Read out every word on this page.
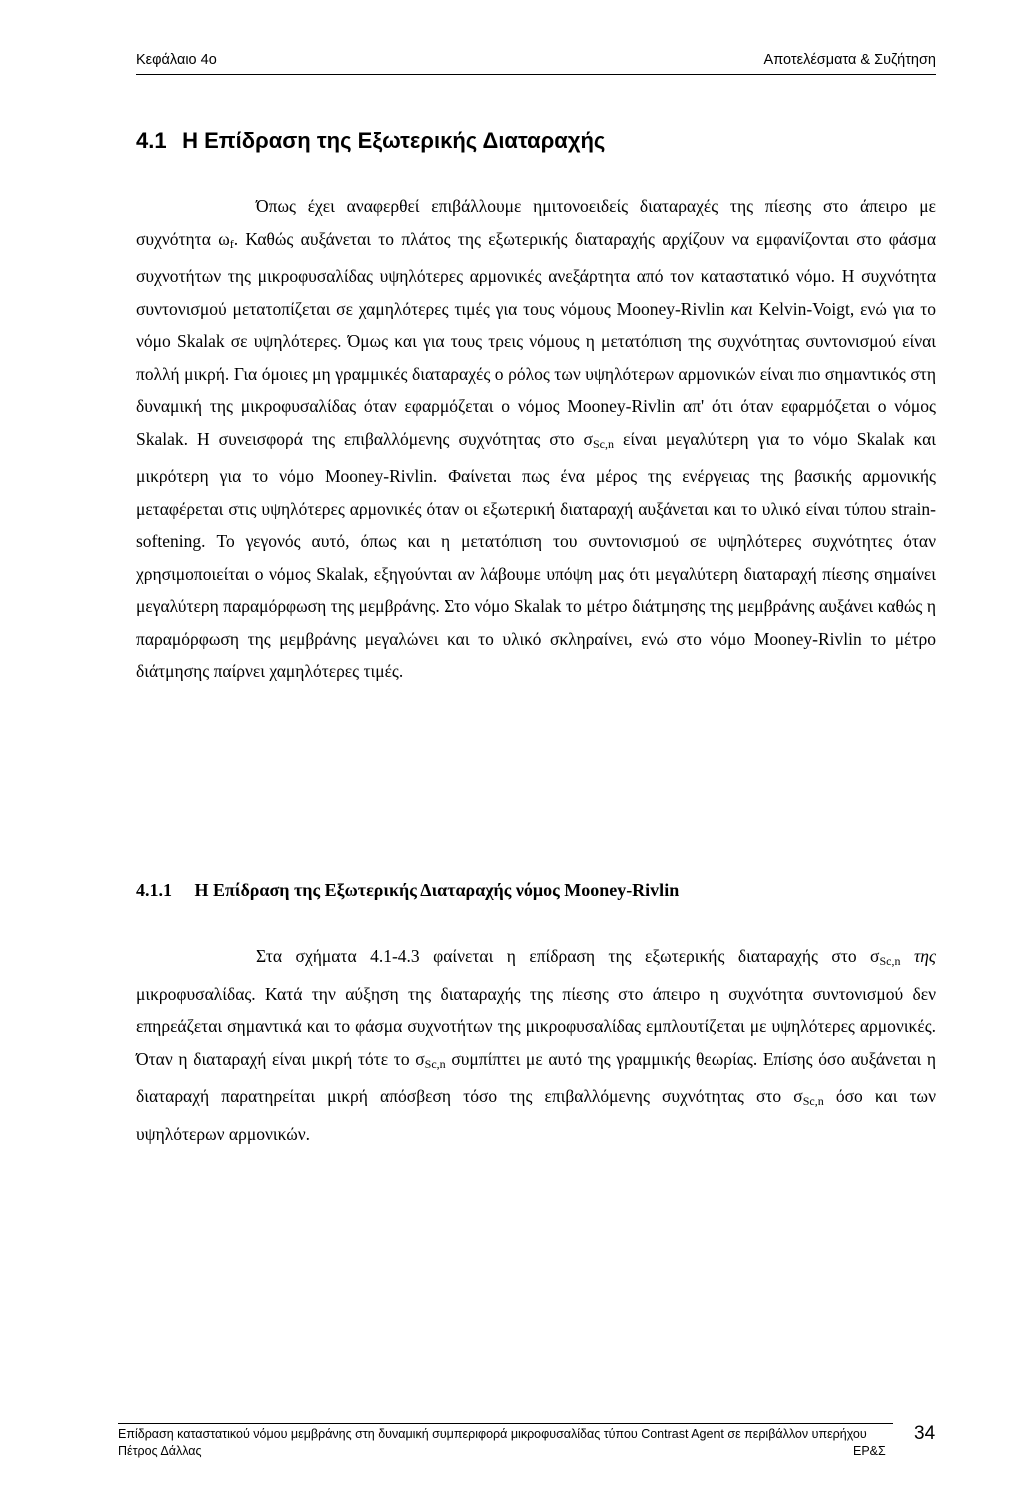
Κεφάλαιο 4ο	Αποτελέσματα & Συζήτηση
4.1 Η Επίδραση της Εξωτερικής Διαταραχής

Όπως έχει αναφερθεί επιβάλλουμε ημιτονοειδείς διαταραχές της πίεσης στο άπειρο με συχνότητα $\omega_f$. Καθώς αυξάνεται το πλάτος της εξωτερικής διαταραχής αρχίζουν να εμφανίζονται στο φάσμα συχνοτήτων της μικροφυσαλίδας υψηλότερες αρμονικές ανεξάρτητα από τον καταστατικό νόμο. Η συχνότητα συντονισμού μετατοπίζεται σε χαμηλότερες τιμές για τους νόμους Mooney-Rivlin και Kelvin-Voigt, ενώ για το νόμο Skalak σε υψηλότερες. Όμως και για τους τρεις νόμους η μετατόπιση της συχνότητας συντονισμού είναι πολλή μικρή. Για όμοιες μη γραμμικές διαταραχές ο ρόλος των υψηλότερων αρμονικών είναι πιο σημαντικός στη δυναμική της μικροφυσαλίδας όταν εφαρμόζεται ο νόμος Mooney-Rivlin απ' ότι όταν εφαρμόζεται ο νόμος Skalak. Η συνεισφορά της επιβαλλόμενης συχνότητας στο $\sigma_{Sc,n}$ είναι μεγαλύτερη για το νόμο Skalak και μικρότερη για το νόμο Mooney-Rivlin. Φαίνεται πως ένα μέρος της ενέργειας της βασικής αρμονικής μεταφέρεται στις υψηλότερες αρμονικές όταν οι εξωτερική διαταραχή αυξάνεται και το υλικό είναι τύπου strain-softening. Το γεγονός αυτό, όπως και η μετατόπιση του συντονισμού σε υψηλότερες συχνότητες όταν χρησιμοποιείται ο νόμος Skalak, εξηγούνται αν λάβουμε υπόψη μας ότι μεγαλύτερη διαταραχή πίεσης σημαίνει μεγαλύτερη παραμόρφωση της μεμβράνης. Στο νόμο Skalak το μέτρο διάτμησης της μεμβράνης αυξάνει καθώς η παραμόρφωση της μεμβράνης μεγαλώνει και το υλικό σκληραίνει, ενώ στο νόμο Mooney-Rivlin το μέτρο διάτμησης παίρνει χαμηλότερες τιμές.

4.1.1 Η Επίδραση της Εξωτερικής Διαταραχής νόμος Mooney-Rivlin

Στα σχήματα 4.1-4.3 φαίνεται η επίδραση της εξωτερικής διαταραχής στο $\sigma_{Sc,n}$ της μικροφυσαλίδας. Κατά την αύξηση της διαταραχής της πίεσης στο άπειρο η συχνότητα συντονισμού δεν επηρεάζεται σημαντικά και το φάσμα συχνοτήτων της μικροφυσαλίδας εμπλουτίζεται με υψηλότερες αρμονικές. Όταν η διαταραχή είναι μικρή τότε το $\sigma_{Sc,n}$ συμπίπτει με αυτό της γραμμικής θεωρίας. Επίσης όσο αυξάνεται η διαταραχή παρατηρείται μικρή απόσβεση τόσο της επιβαλλόμενης συχνότητας στο $\sigma_{Sc,n}$ όσο και των υψηλότερων αρμονικών.

Επίδραση καταστατικού νόμου μεμβράνης στη δυναμική συμπεριφορά μικροφυσαλίδας τύπου Contrast Agent σε περιβάλλον υπερήχου
Πέτρος Δάλλας	ΕΡ&Σ
34
